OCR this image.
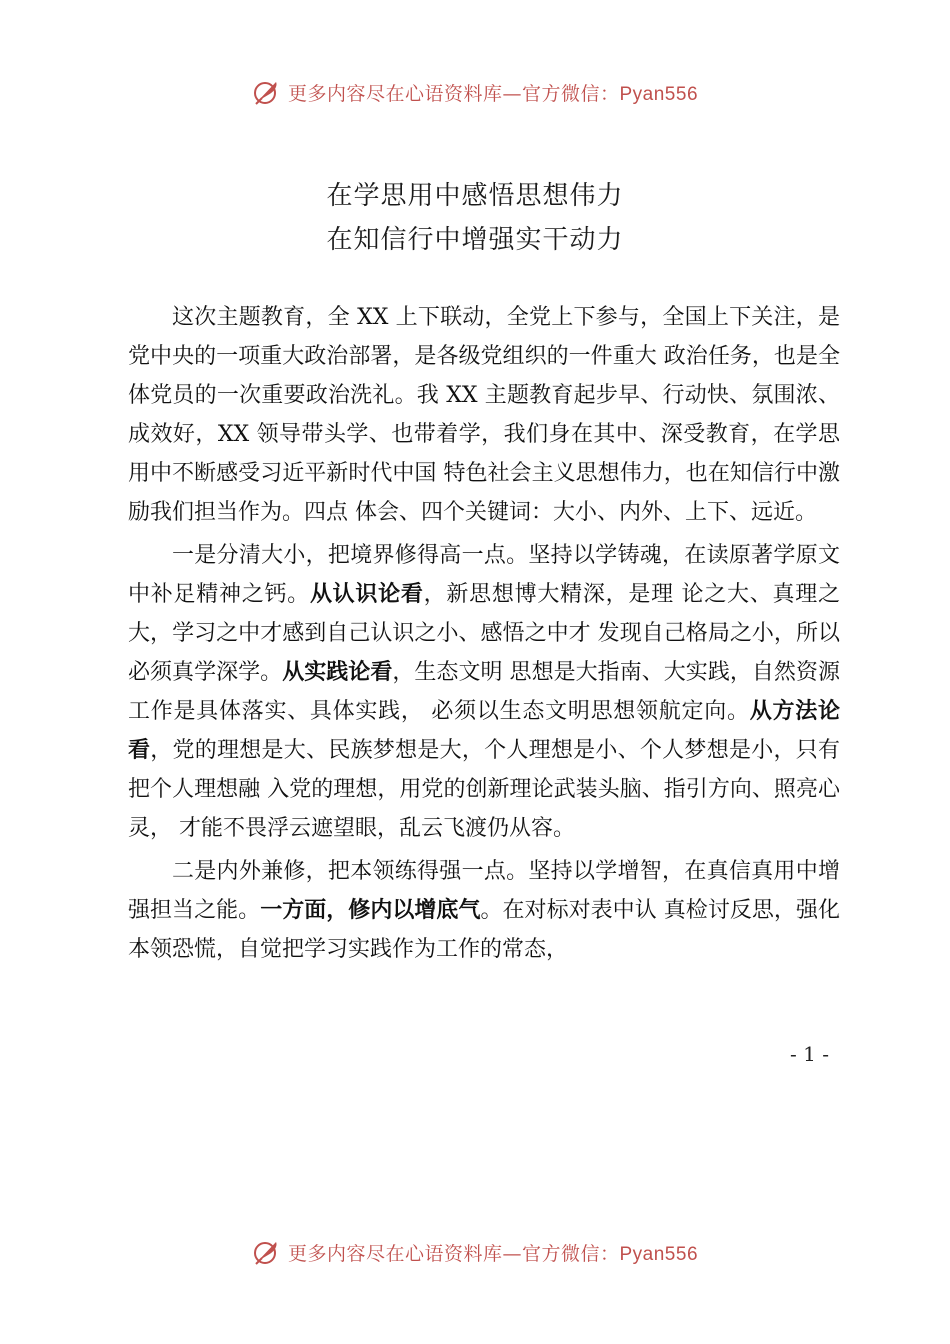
更多内容尽在心语资料库—官方微信：Pyan556
在学思用中感悟思想伟力
在知信行中增强实干动力

这次主题教育，全 XX 上下联动，全党上下参与，全国上下关注，是党中央的一项重大政治部署，是各级党组织的一件重大 政治任务，也是全体党员的一次重要政治洗礼。我 XX 主题教育起步早、行动快、氛围浓、成效好，XX 领导带头学、也带着学，我们身在其中、深受教育，在学思用中不断感受习近平新时代中国 特色社会主义思想伟力，也在知信行中激励我们担当作为。四点 体会、四个关键词：大小、内外、上下、远近。

一是分清大小，把境界修得高一点。坚持以学铸魂，在读原著学原文中补足精神之钙。从认识论看，新思想博大精深，是理 论之大、真理之大，学习之中才感到自己认识之小、感悟之中才 发现自己格局之小，所以必须真学深学。从实践论看，生态文明 思想是大指南、大实践，自然资源工作是具体落实、具体实践， 必须以生态文明思想领航定向。从方法论看，党的理想是大、民族梦想是大，个人理想是小、个人梦想是小，只有把个人理想融 入党的理想，用党的创新理论武装头脑、指引方向、照亮心灵， 才能不畏浮云遮望眼，乱云飞渡仍从容。

二是内外兼修，把本领练得强一点。坚持以学增智，在真信真用中增强担当之能。一方面，修内以增底气。在对标对表中认 真检讨反思，强化本领恐慌，自觉把学习实践作为工作的常态，

- 1 -
更多内容尽在心语资料库—官方微信：Pyan556
